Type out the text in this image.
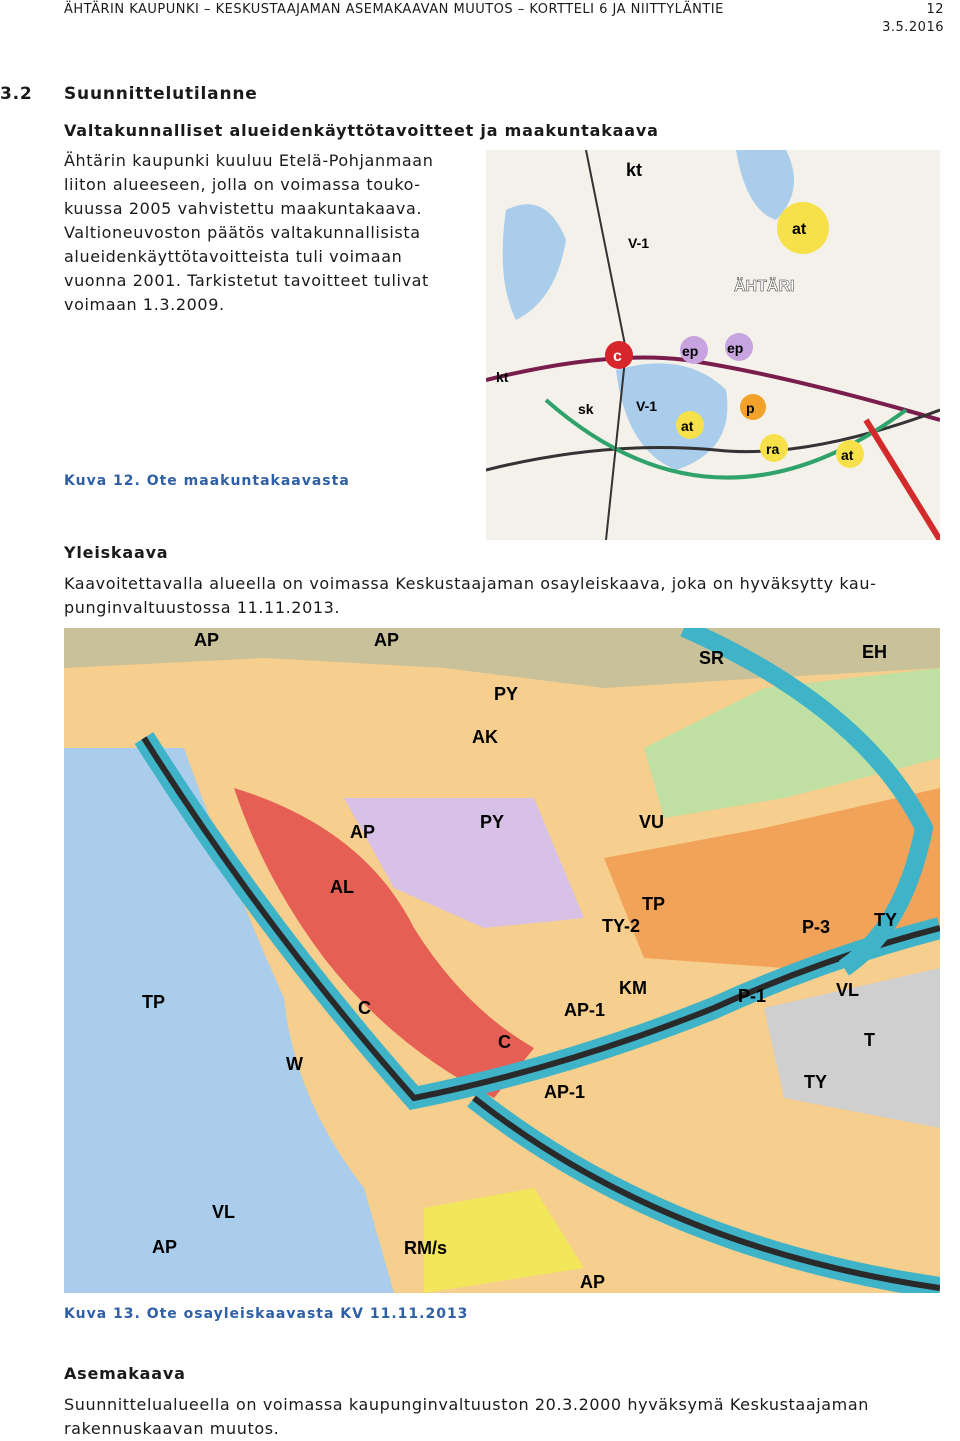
ÄHTÄRIN KAUPUNKI – KESKUSTAAJAMAN ASEMAKAAVAN MUUTOS – KORTTELI 6 JA NIITTYLÄNTIE	12
3.5.2016
3.2 Suunnittelutilanne
Valtakunnalliset alueidenkäyttötavoitteet ja maakuntakaava
Ähtärin kaupunki kuuluu Etelä-Pohjanmaan
liiton alueeseen, jolla on voimassa touko-
kuussa 2005 vahvistettu maakuntakaava.
Valtioneuvoston päätös valtakunnallisista
alueidenkäyttötavoitteista tuli voimaan
vuonna 2001. Tarkistetut tavoitteet tulivat
voimaan 1.3.2009.
kt
at
V-1
ÄHTÄRI
c	ep ep
p
at
ra	at
kt
sk	V-1
Kuva 12. Ote maakuntakaavasta
Yleiskaava
Kaavoitettavalla alueella on voimassa Keskustaajaman osayleiskaava, joka on hyväksytty kau-
punginvaltuustossa 11.11.2013.
AP	AP
SR	EH
PY
AK
VU
AP	PY
AL
TP
TY-2	P-3 TY
C
C
KM
AP-1
P-1	VL
T
W
TP
AP-1	TY
RM/s
AP
VL
AP
Kuva 13. Ote osayleiskaavasta KV 11.11.2013
Asemakaava
Suunnittelualueella on voimassa kaupunginvaltuuston 20.3.2000 hyväksymä Keskustaajaman
rakennuskaavan muutos.
